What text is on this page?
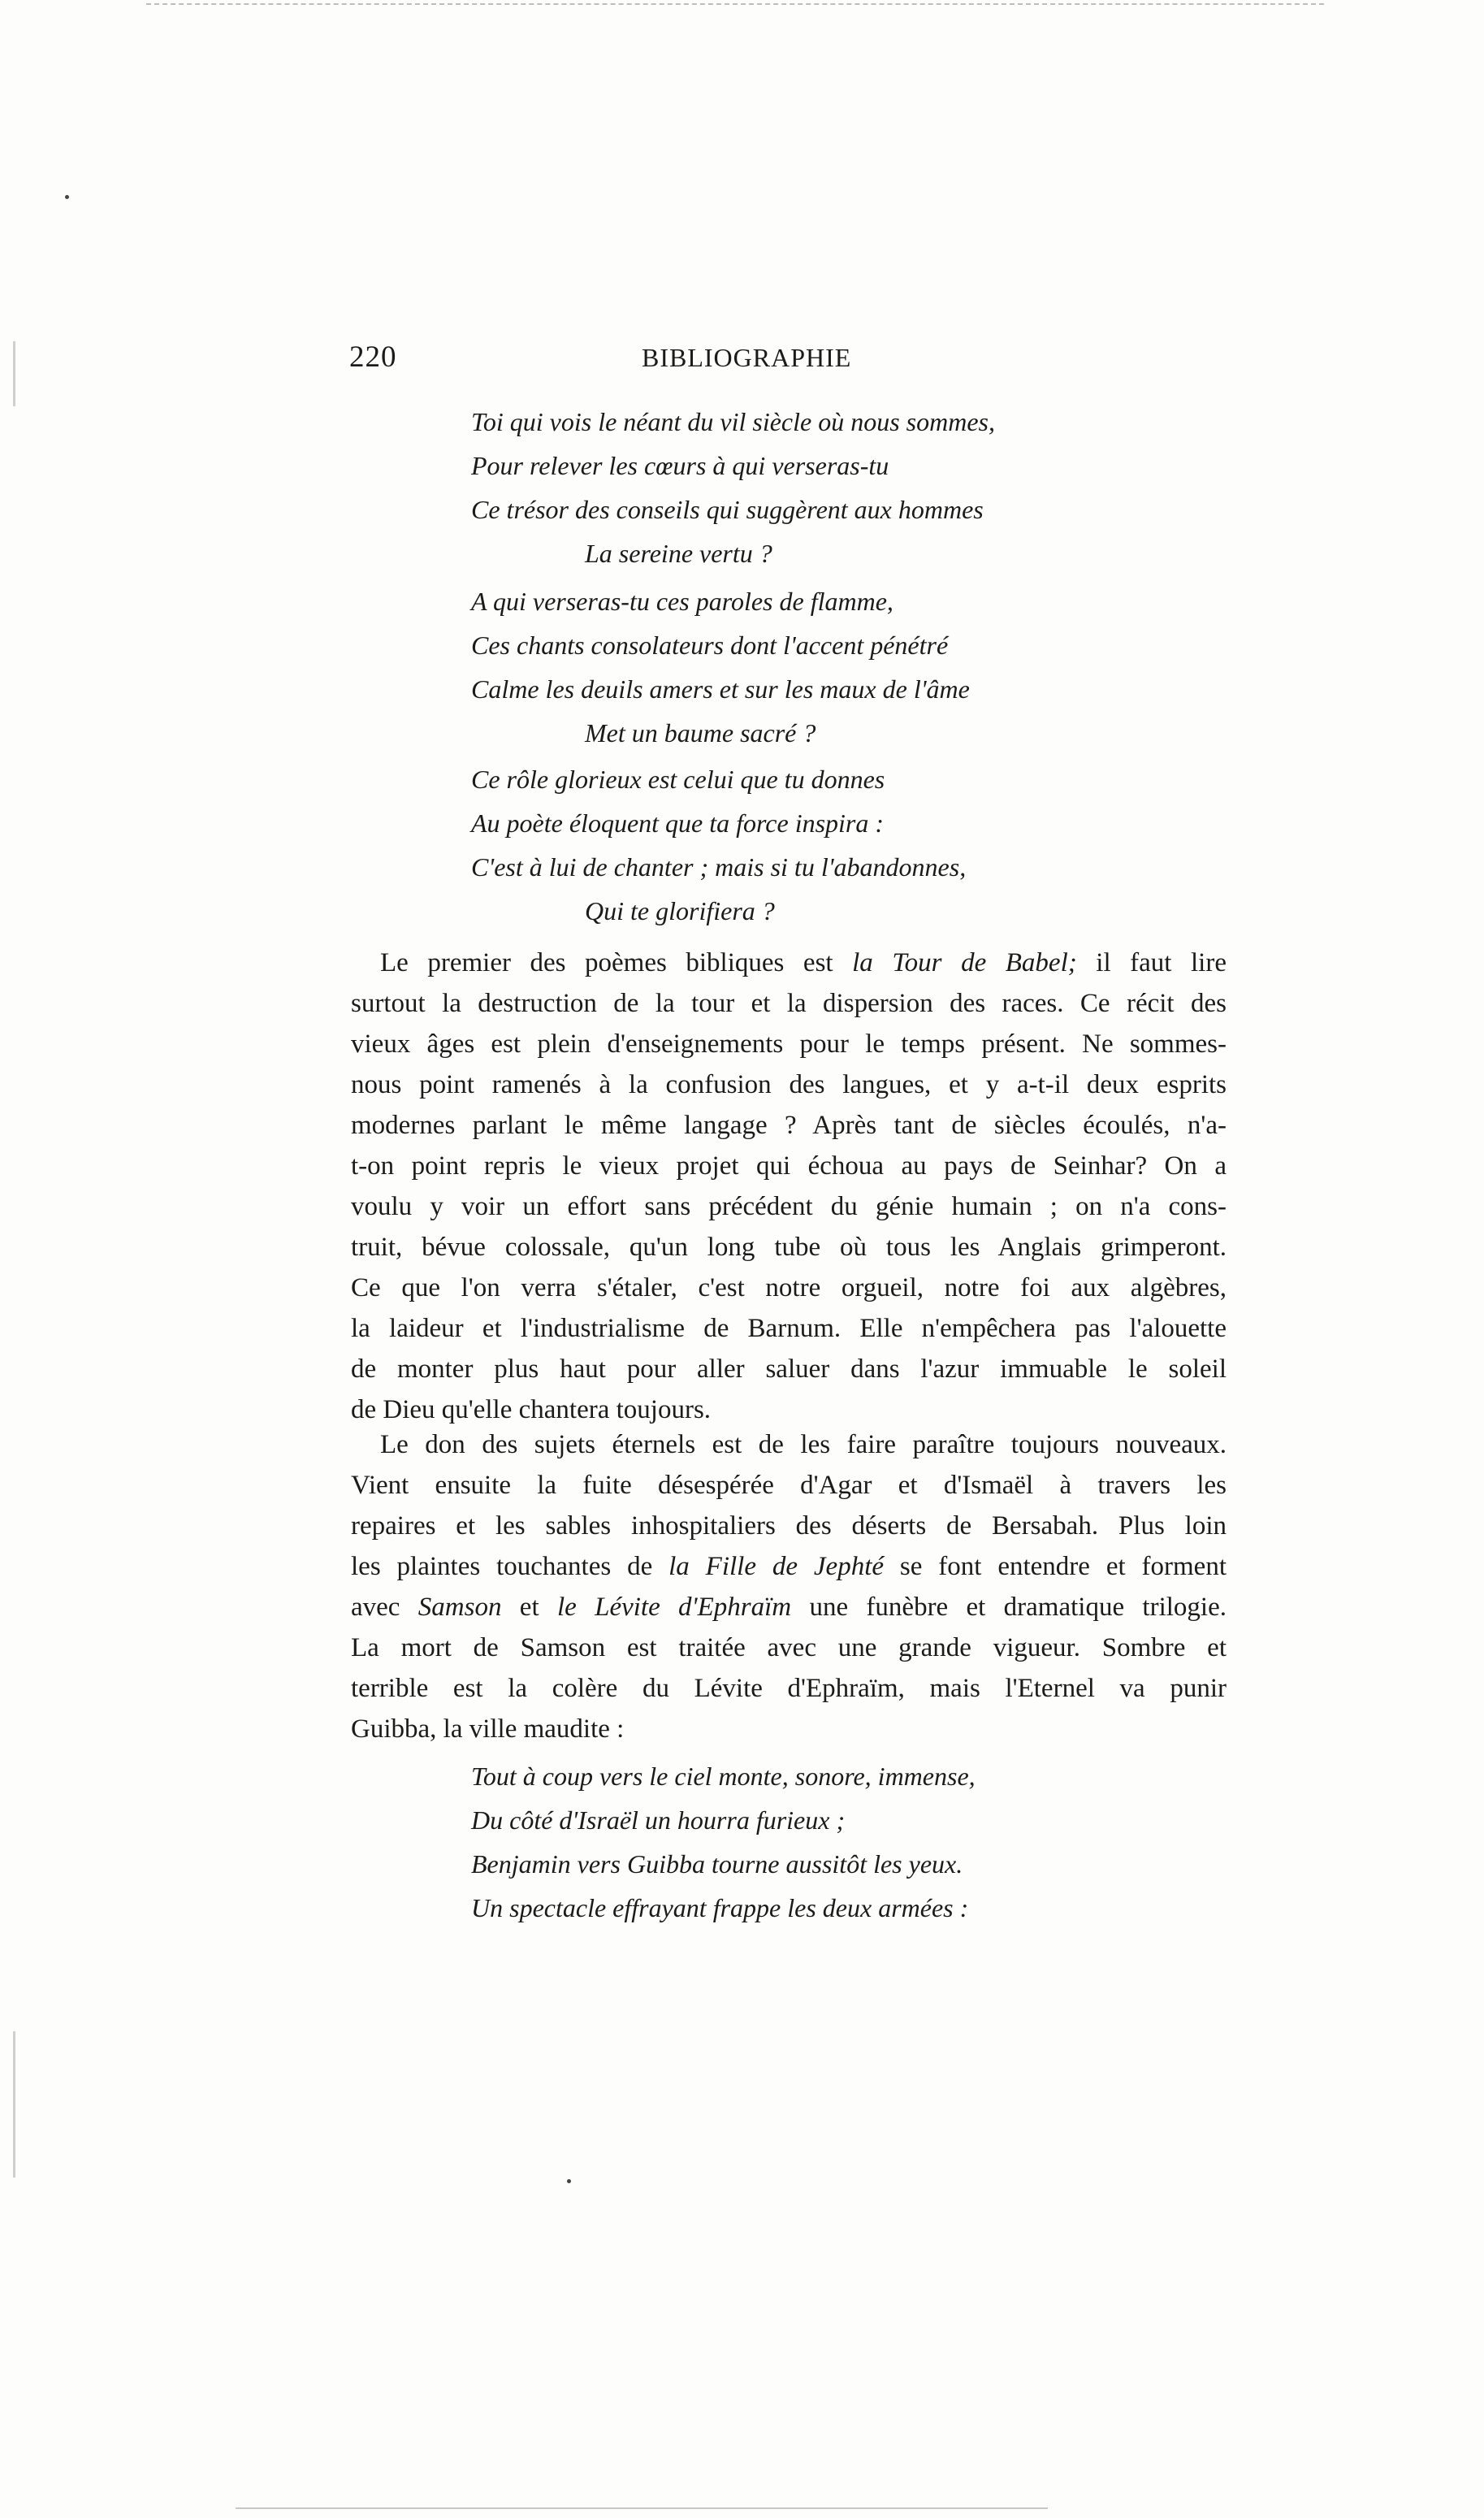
220	BIBLIOGRAPHIE
Toi qui vois le néant du vil siècle où nous sommes,
Pour relever les cœurs à qui verseras-tu
Ce trésor des conseils qui suggèrent aux hommes
La sereine vertu ?
A qui verseras-tu ces paroles de flamme,
Ces chants consolateurs dont l'accent pénétré
Calme les deuils amers et sur les maux de l'âme
Met un baume sacré ?
Ce rôle glorieux est celui que tu donnes
Au poète éloquent que ta force inspira :
C'est à lui de chanter ; mais si tu l'abandonnes,
Qui te glorifiera ?
Le premier des poèmes bibliques est la Tour de Babel; il faut lire
surtout la destruction de la tour et la dispersion des races. Ce récit des
vieux âges est plein d'enseignements pour le temps présent. Ne sommes-
nous point ramenés à la confusion des langues, et y a-t-il deux esprits
modernes parlant le même langage ? Après tant de siècles écoulés, n'a-
t-on point repris le vieux projet qui échoua au pays de Seinhar? On a
voulu y voir un effort sans précédent du génie humain ; on n'a cons-
truit, bévue colossale, qu'un long tube où tous les Anglais grimperont.
Ce que l'on verra s'étaler, c'est notre orgueil, notre foi aux algèbres,
la laideur et l'industrialisme de Barnum. Elle n'empêchera pas l'alouette
de monter plus haut pour aller saluer dans l'azur immuable le soleil
de Dieu qu'elle chantera toujours.
Le don des sujets éternels est de les faire paraître toujours nouveaux.
Vient ensuite la fuite désespérée d'Agar et d'Ismaël à travers les
repaires et les sables inhospitaliers des déserts de Bersabah. Plus loin
les plaintes touchantes de la Fille de Jephté se font entendre et forment
avec Samson et le Lévite d'Ephraïm une funèbre et dramatique trilogie.
La mort de Samson est traitée avec une grande vigueur. Sombre et
terrible est la colère du Lévite d'Ephraïm, mais l'Eternel va punir
Guibba, la ville maudite :
Tout à coup vers le ciel monte, sonore, immense,
Du côté d'Israël un hourra furieux ;
Benjamin vers Guibba tourne aussitôt les yeux.
Un spectacle effrayant frappe les deux armées :
